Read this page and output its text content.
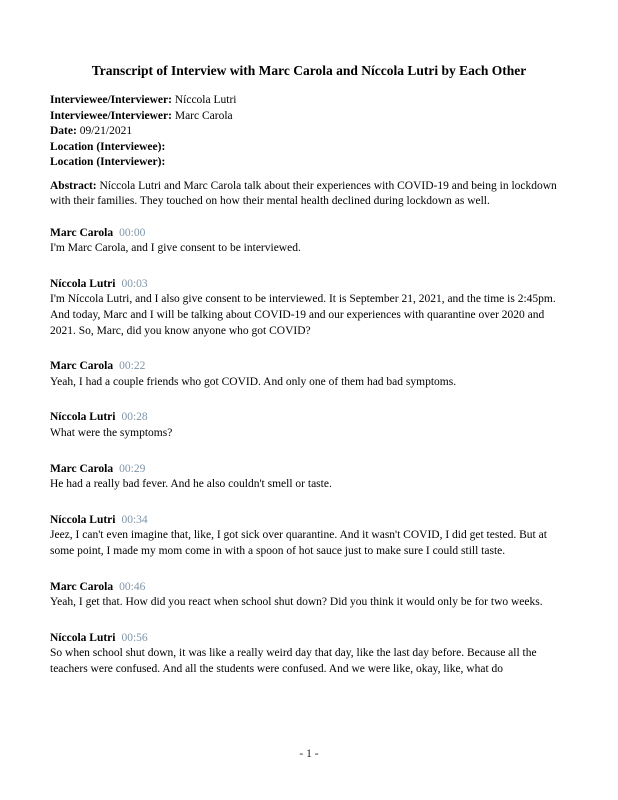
Transcript of Interview with Marc Carola and Níccola Lutri by Each Other
Interviewee/Interviewer: Níccola Lutri
Interviewee/Interviewer: Marc Carola
Date: 09/21/2021
Location (Interviewee):
Location (Interviewer):

Abstract: Níccola Lutri and Marc Carola talk about their experiences with COVID-19 and being in lockdown with their families. They touched on how their mental health declined during lockdown as well.

Marc Carola 00:00

I'm Marc Carola, and I give consent to be interviewed.

Níccola Lutri 00:03

I'm Níccola Lutri, and I also give consent to be interviewed. It is September 21, 2021, and the time is 2:45pm. And today, Marc and I will be talking about COVID-19 and our experiences with quarantine over 2020 and 2021. So, Marc, did you know anyone who got COVID?

Marc Carola 00:22

Yeah, I had a couple friends who got COVID. And only one of them had bad symptoms.

Níccola Lutri 00:28

What were the symptoms?

Marc Carola 00:29

He had a really bad fever. And he also couldn't smell or taste.

Níccola Lutri 00:34

Jeez, I can't even imagine that, like, I got sick over quarantine. And it wasn't COVID, I did get tested. But at some point, I made my mom come in with a spoon of hot sauce just to make sure I could still taste.

Marc Carola 00:46

Yeah, I get that. How did you react when school shut down? Did you think it would only be for two weeks.

Níccola Lutri 00:56

So when school shut down, it was like a really weird day that day, like the last day before. Because all the teachers were confused. And all the students were confused. And we were like, okay, like, what do

- 1 -
